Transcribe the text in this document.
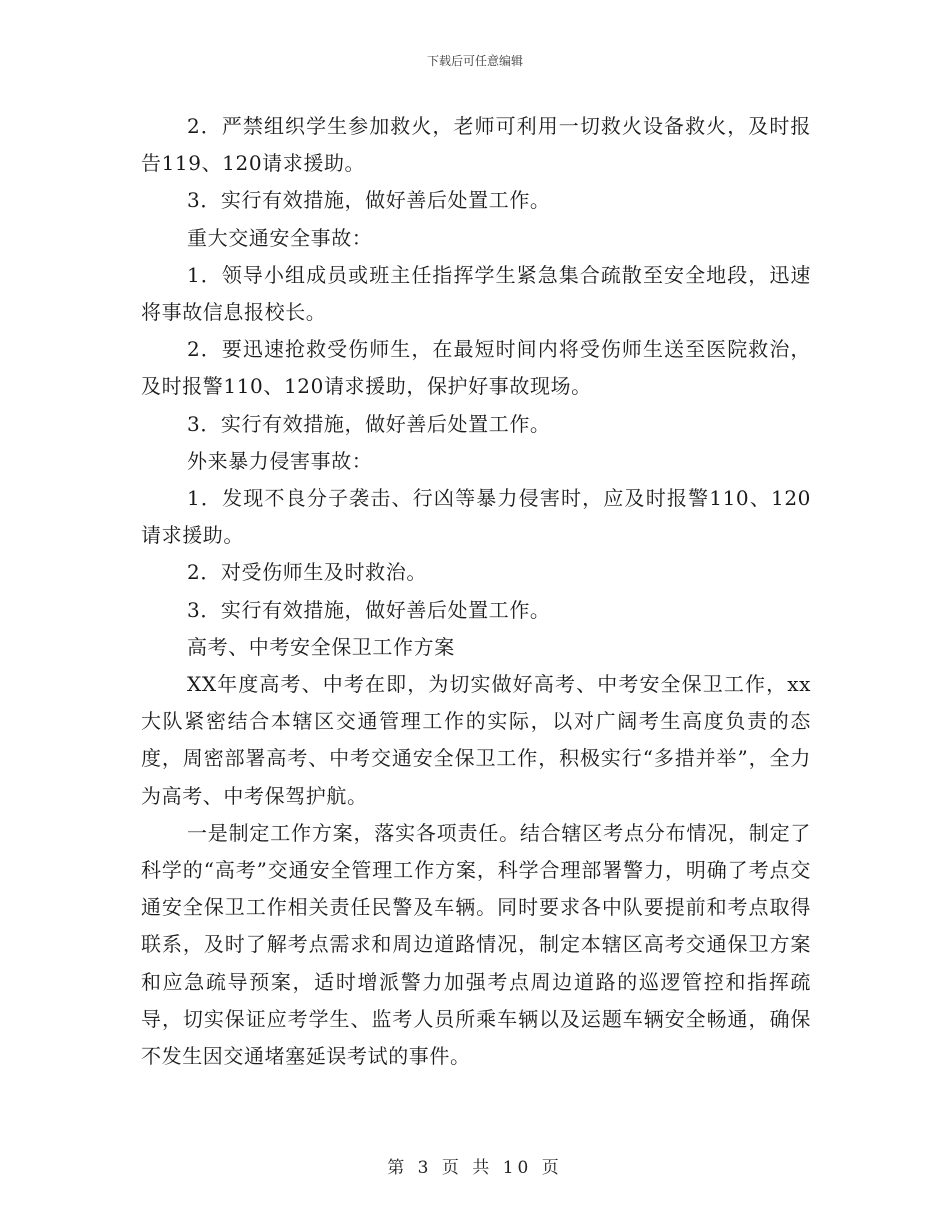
下载后可任意编辑

2．严禁组织学生参加救火，老师可利用一切救火设备救火，及时报告119、120请求援助。

3．实行有效措施，做好善后处置工作。

重大交通安全事故：

1．领导小组成员或班主任指挥学生紧急集合疏散至安全地段，迅速将事故信息报校长。

2．要迅速抢救受伤师生，在最短时间内将受伤师生送至医院救治，及时报警110、120请求援助，保护好事故现场。

3．实行有效措施，做好善后处置工作。

外来暴力侵害事故：

1．发现不良分子袭击、行凶等暴力侵害时，应及时报警110、120请求援助。

2．对受伤师生及时救治。

3．实行有效措施，做好善后处置工作。

高考、中考安全保卫工作方案

XX年度高考、中考在即，为切实做好高考、中考安全保卫工作，xx大队紧密结合本辖区交通管理工作的实际，以对广阔考生高度负责的态度，周密部署高考、中考交通安全保卫工作，积极实行“多措并举”，全力为高考、中考保驾护航。

一是制定工作方案，落实各项责任。结合辖区考点分布情况，制定了科学的“高考”交通安全管理工作方案，科学合理部署警力，明确了考点交通安全保卫工作相关责任民警及车辆。同时要求各中队要提前和考点取得联系，及时了解考点需求和周边道路情况，制定本辖区高考交通保卫方案和应急疏导预案，适时增派警力加强考点周边道路的巡逻管控和指挥疏导，切实保证应考学生、监考人员所乘车辆以及运题车辆安全畅通，确保不发生因交通堵塞延误考试的事件。

第 3 页 共 10 页
